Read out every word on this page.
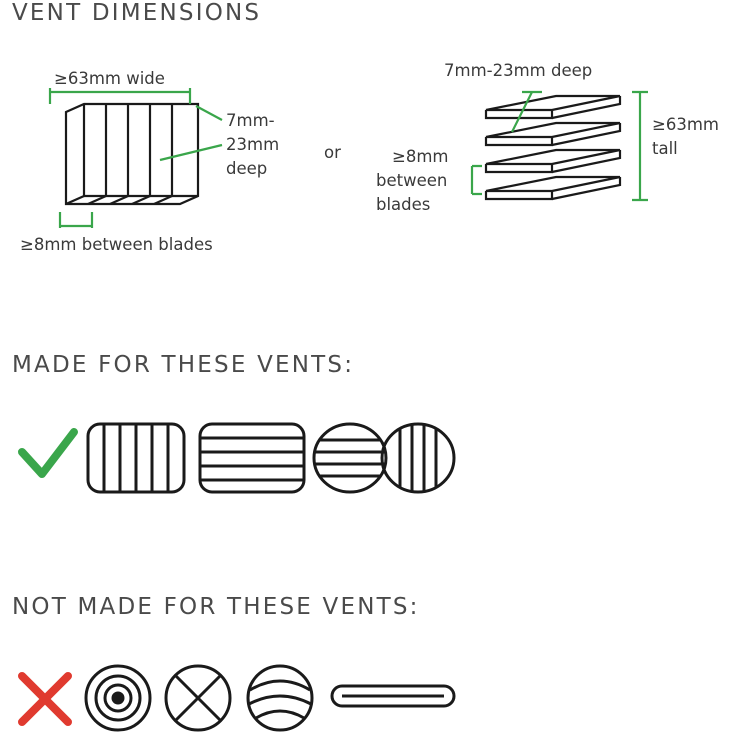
VENT DIMENSIONS
MADE FOR THESE VENTS:
NOT MADE FOR THESE VENTS:
≥63mm wide
7mm-
23mm
deep
≥8mm between blades
or
7mm-23mm deep
≥63mm
tall
≥8mm
between
blades
